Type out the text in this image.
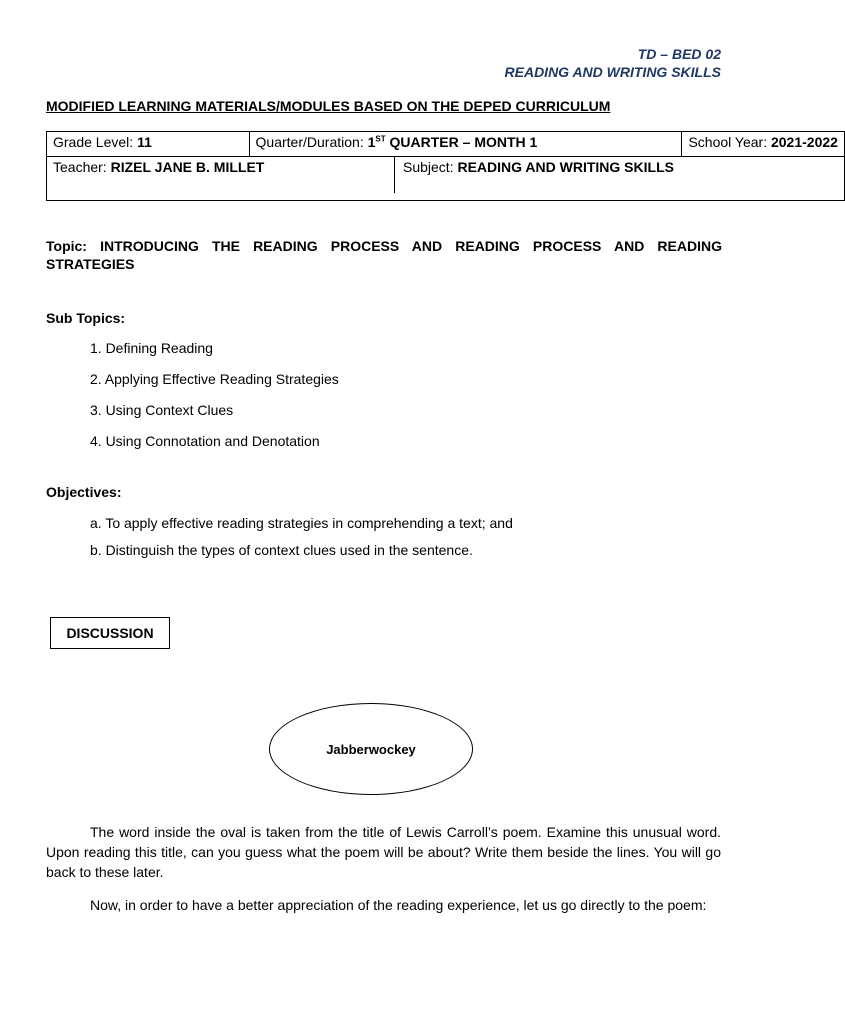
TD – BED 02
READING AND WRITING SKILLS
MODIFIED LEARNING MATERIALS/MODULES BASED ON THE DEPED CURRICULUM
Grade Level: 11	Quarter/Duration: 1ST QUARTER – MONTH 1	School Year: 2021-2022

Teacher: RIZEL JANE B. MILLET Subject: READING AND WRITING SKILLS		

Topic: INTRODUCING THE READING PROCESS AND READING PROCESS AND READING STRATEGIES
Sub Topics:
1. Defining Reading
2. Applying Effective Reading Strategies
3. Using Context Clues
4. Using Connotation and Denotation
Objectives:
a. To apply effective reading strategies in comprehending a text; and
b. Distinguish the types of context clues used in the sentence.
DISCUSSION
Jabberwockey
The word inside the oval is taken from the title of Lewis Carroll’s poem. Examine this unusual word. Upon reading this title, can you guess what the poem will be about? Write them beside the lines. You will go back to these later.
Now, in order to have a better appreciation of the reading experience, let us go directly to the poem:
